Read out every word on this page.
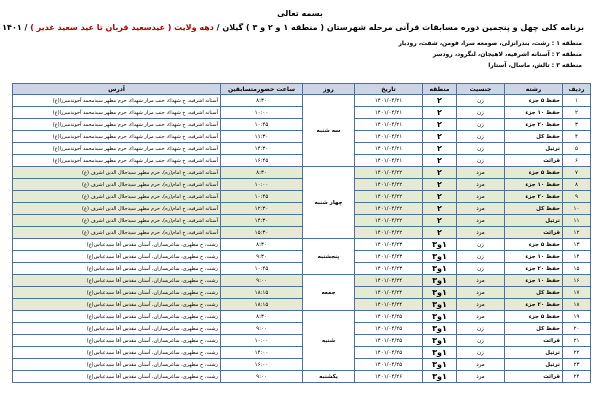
بسمه تعالی
برنامه کلی چهل و پنجمین دوره مسابقات قرآنی مرحله شهرستان ( منطقه ۱ و ۲ و ۳ ) گیلان / دهه ولایت ( عیدسعید قربان تا عید سعید غدیر ) / ۱۴۰۱
منطقه ۱ : رشت، بندرانزلی، صومعه سرا، فومن، شفت، رودبار
منطقه ۲ : آستانه اشرفیه، لاهیجان، لنگرود، رودسر
منطقه ۳ : تالش، ماسال، آستارا
ردیف	رشته	جنسیت	منطقه	تاریخ	روز	ساعت حضورمتسابقین	آدرس
۱	حفظ ۵ جزء	زن	۲	۱۴۰۱/۰۴/۲۱	سه شنبه	۸:۳۰	آستانه اشرفیه، خ شهداء، جنب مزار شهداء، حرم مطهر سیدمحمد آخوندمیرزا(ع)
۲	حفظ ۱۰ جزء	زن	۲	۱۴۰۱/۰۴/۲۱		۱۰:۰۰	آستانه اشرفیه، خ شهداء، جنب مزار شهداء، حرم مطهر سیدمحمد آخوندمیرزا(ع)
۳	حفظ ۲۰ جزء	زن	۲	۱۴۰۱/۰۴/۲۱		۱۰:۴۵	آستانه اشرفیه، خ شهداء، جنب مزار شهداء، حرم مطهر سیدمحمد آخوندمیرزا(ع)
۴	حفظ کل	زن	۲	۱۴۰۱/۰۴/۲۱		۱۱:۳۰	آستانه اشرفیه، خ شهداء، جنب مزار شهداء، حرم مطهر سیدمحمد آخوندمیرزا(ع)
۵	ترتیل	زن	۲	۱۴۰۱/۰۴/۲۱		۱۴:۳۰	آستانه اشرفیه، خ شهداء، جنب مزار شهداء، حرم مطهر سیدمحمد آخوندمیرزا(ع)
۶	قرائت	زن	۲	۱۴۰۱/۰۴/۲۱		۱۶:۴۵	آستانه اشرفیه، خ شهداء، جنب مزار شهداء، حرم مطهر سیدمحمد آخوندمیرزا(ع)
۷	حفظ ۵ جزء	مرد	۲	۱۴۰۱/۰۴/۲۲	چهار شنبه	۸:۳۰	آستانه اشرفیه، خ امام(ره)، حرم مطهر سیدجلال الدین اشرف (ع)
۸	حفظ ۱۰ جزء	مرد	۲	۱۴۰۱/۰۴/۲۲		۱۰:۰۰	آستانه اشرفیه، خ امام(ره)، حرم مطهر سیدجلال الدین اشرف (ع)
۹	حفظ ۲۰ جزء	مرد	۲	۱۴۰۱/۰۴/۲۲		۱۰:۴۵	آستانه اشرفیه، خ امام(ره)، حرم مطهر سیدجلال الدین اشرف (ع)
۱۰	حفظ کل	مرد	۲	۱۴۰۱/۰۴/۲۲		۱۲:۳۰	آستانه اشرفیه، خ امام(ره)، حرم مطهر سیدجلال الدین اشرف (ع)
۱۱	ترتیل	مرد	۲	۱۴۰۱/۰۴/۲۲		۱۴:۳۰	آستانه اشرفیه، خ امام(ره)، حرم مطهر سیدجلال الدین اشرف (ع)
۱۲	قرائت	مرد	۲	۱۴۰۱/۰۴/۲۲		۱۵:۳۰	آستانه اشرفیه، خ امام(ره)، حرم مطهر سیدجلال الدین اشرف (ع)
۱۳	حفظ ۵ جزء	زن	۱و۳	۱۴۰۱/۰۴/۲۳	پنجشنبه	۸:۳۰	رشت، خ مطهری، ساغریسازان، آستان مقدس آقا سیدعباس(ع)
۱۴	حفظ ۱۰ جزء	زن	۱و۳	۱۴۰۱/۰۴/۲۳		۹:۳۰	رشت، خ مطهری، ساغریسازان، آستان مقدس آقا سیدعباس(ع)
۱۵	حفظ ۲۰ جزء	زن	۱و۳	۱۴۰۱/۰۴/۲۳		۱۰:۴۵	رشت، خ مطهری، ساغریسازان، آستان مقدس آقا سیدعباس(ع)
۱۶	حفظ ۱۰ جزء	مرد	۱و۳	۱۴۰۱/۰۴/۲۴	جمعه	۹:۰۰	رشت، خ مطهری، ساغریسازان، آستان مقدس آقا سیدعباس(ع)
۱۷	حفظ کل	مرد	۱و۳	۱۴۰۱/۰۴/۲۴		۱۸:۱۵	رشت، خ مطهری، ساغریسازان، آستان مقدس آقا سیدعباس(ع)
۱۸	حفظ ۲۰ جزء	مرد	۱و۳	۱۴۰۱/۰۴/۲۴		۱۸:۱۵	رشت، خ مطهری، ساغریسازان، آستان مقدس آقا سیدعباس(ع)
۱۹	حفظ ۵ جزء	مرد	۱و۳	۱۴۰۱/۰۴/۲۵	شنبه	۸:۳۰	رشت، خ مطهری، ساغریسازان، آستان مقدس آقا سیدعباس(ع)
۲۰	حفظ کل	زن	۱و۳	۱۴۰۱/۰۴/۲۵		۹:۰۰	رشت، خ مطهری، ساغریسازان، آستان مقدس آقا سیدعباس(ع)
۲۱	قرائت	زن	۱و۳	۱۴۰۱/۰۴/۲۵		۱۰:۰۰	رشت، خ مطهری، ساغریسازان، آستان مقدس آقا سیدعباس(ع)
۲۲	ترتیل	زن	۱و۳	۱۴۰۱/۰۴/۲۵		۱۴:۰۰	رشت، خ مطهری، ساغریسازان، آستان مقدس آقا سیدعباس(ع)
۲۳	ترتیل	مرد	۱و۳	۱۴۰۱/۰۴/۲۵		۱۶:۰۰	رشت، خ مطهری، ساغریسازان، آستان مقدس آقا سیدعباس(ع)
۲۴	قرائت	مرد	۱و۳	۱۴۰۱/۰۴/۲۶	یکشنبه	۹:۰۰	رشت، خ مطهری، ساغریسازان، آستان مقدس آقا سیدعباس(ع)
